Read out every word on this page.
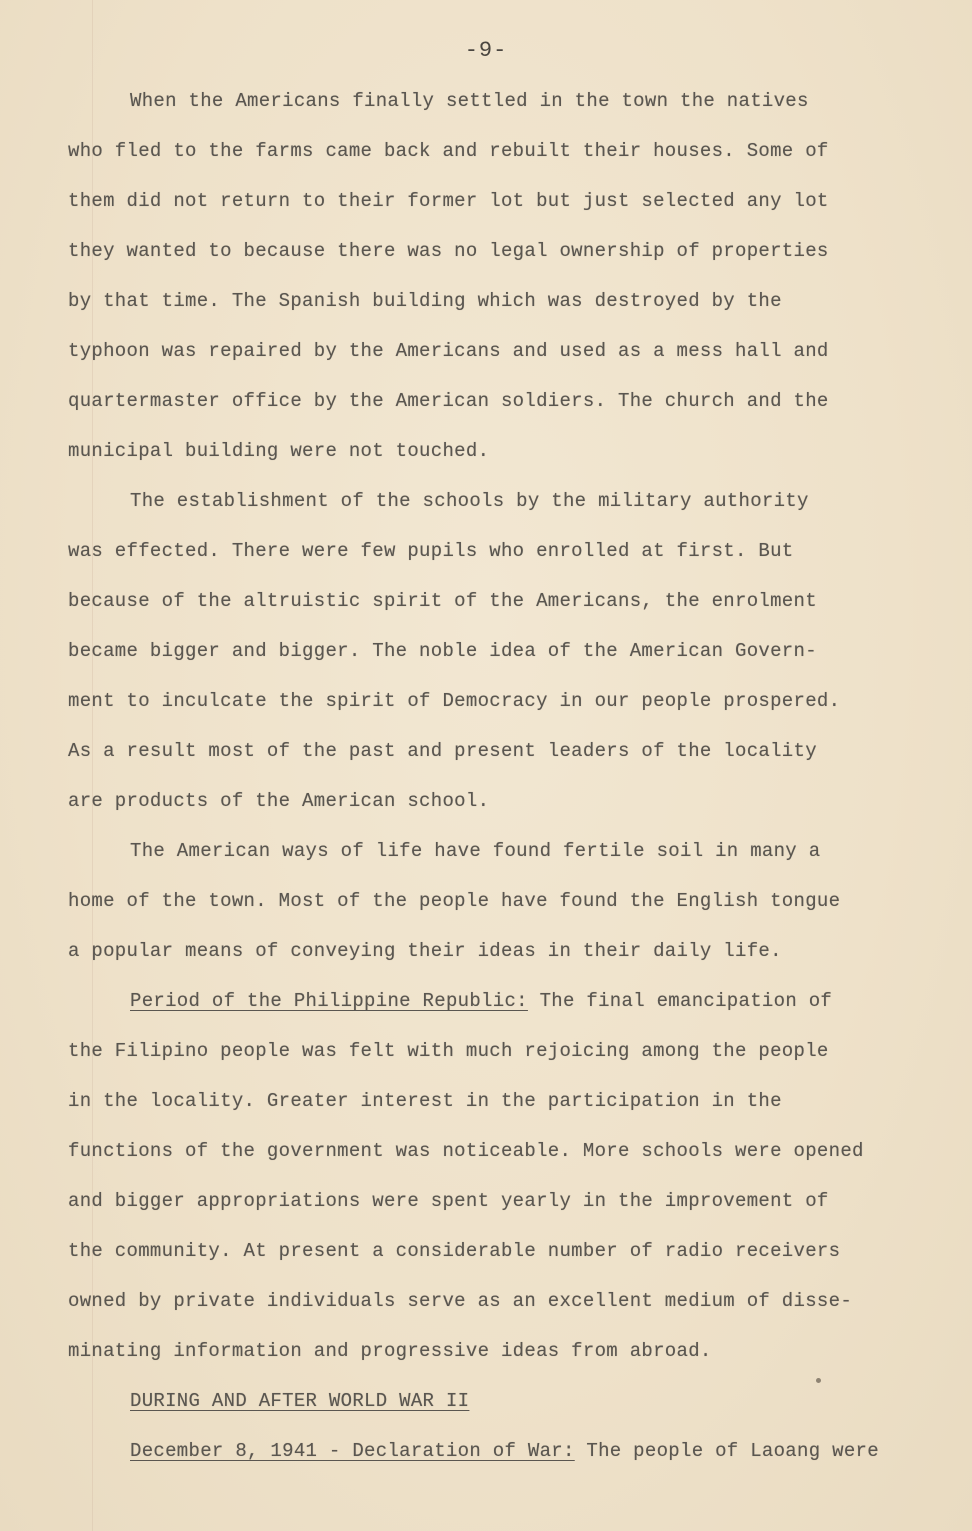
-9-
When the Americans finally settled in the town the natives
who fled to the farms came back and rebuilt their houses. Some of
them did not return to their former lot but just selected any lot
they wanted to because there was no legal ownership of properties
by that time. The Spanish building which was destroyed by the
typhoon was repaired by the Americans and used as a mess hall and
quartermaster office by the American soldiers. The church and the
municipal building were not touched.
The establishment of the schools by the military authority
was effected. There were few pupils who enrolled at first. But
because of the altruistic spirit of the Americans, the enrolment
became bigger and bigger. The noble idea of the American Govern-
ment to inculcate the spirit of Democracy in our people prospered.
As a result most of the past and present leaders of the locality
are products of the American school.
The American ways of life have found fertile soil in many a
home of the town. Most of the people have found the English tongue
a popular means of conveying their ideas in their daily life.
Period of the Philippine Republic: The final emancipation of
the Filipino people was felt with much rejoicing among the people
in the locality. Greater interest in the participation in the
functions of the government was noticeable. More schools were opened
and bigger appropriations were spent yearly in the improvement of
the community. At present a considerable number of radio receivers
owned by private individuals serve as an excellent medium of disse-
minating information and progressive ideas from abroad.
DURING AND AFTER WORLD WAR II
December 8, 1941 - Declaration of War: The people of Laoang were
